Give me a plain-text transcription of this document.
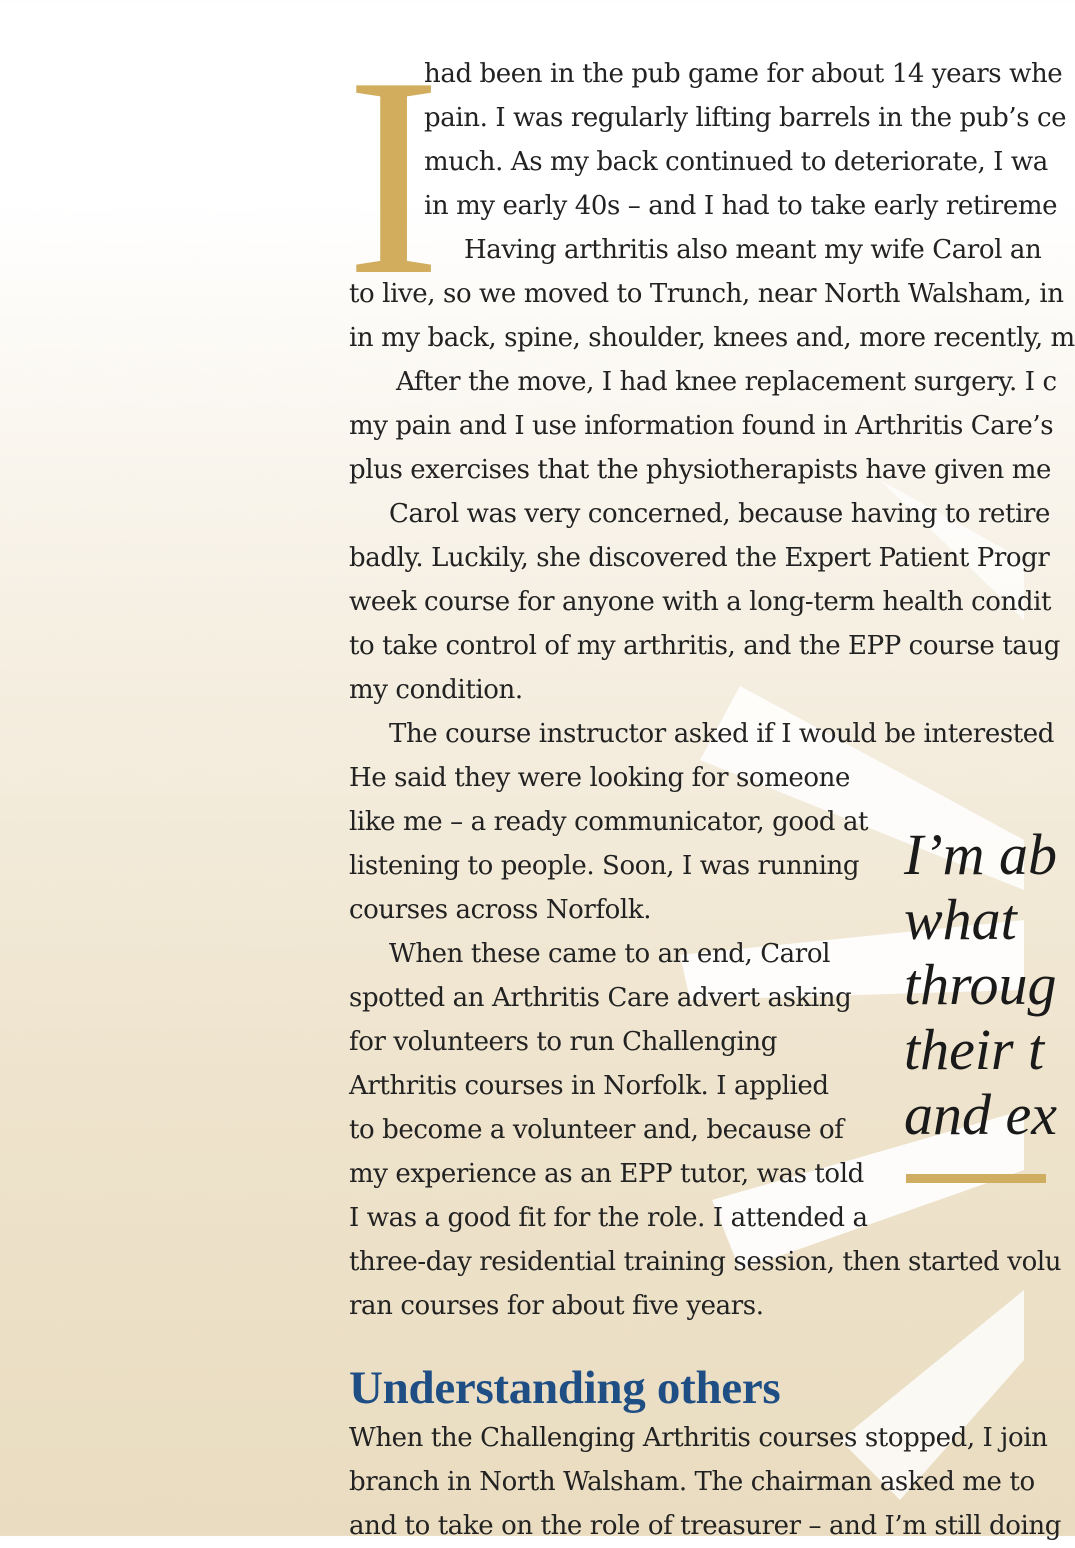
I
had been in the pub game for about 14 years whe
pain. I was regularly lifting barrels in the pub’s ce
much. As my back continued to deteriorate, I wa
in my early 40s – and I had to take early retireme
Having arthritis also meant my wife Carol an
to live, so we moved to Trunch, near North Walsham, in
in my back, spine, shoulder, knees and, more recently, m
After the move, I had knee replacement surgery. I c
my pain and I use information found in Arthritis Care’s
plus exercises that the physiotherapists have given me
Carol was very concerned, because having to retire
badly. Luckily, she discovered the Expert Patient Progr
week course for anyone with a long-term health condit
to take control of my arthritis, and the EPP course taug
my condition.
The course instructor asked if I would be interested
He said they were looking for someone
like me – a ready communicator, good at
listening to people. Soon, I was running
courses across Norfolk.
When these came to an end, Carol
spotted an Arthritis Care advert asking
for volunteers to run Challenging
Arthritis courses in Norfolk. I applied
to become a volunteer and, because of
my experience as an EPP tutor, was told
I was a good fit for the role. I attended a
three-day residential training session, then started volu
ran courses for about five years.
Understanding others
When the Challenging Arthritis courses stopped, I join
branch in North Walsham. The chairman asked me to
and to take on the role of treasurer – and I’m still doing
I’m ab
what
throug
their t
and ex
